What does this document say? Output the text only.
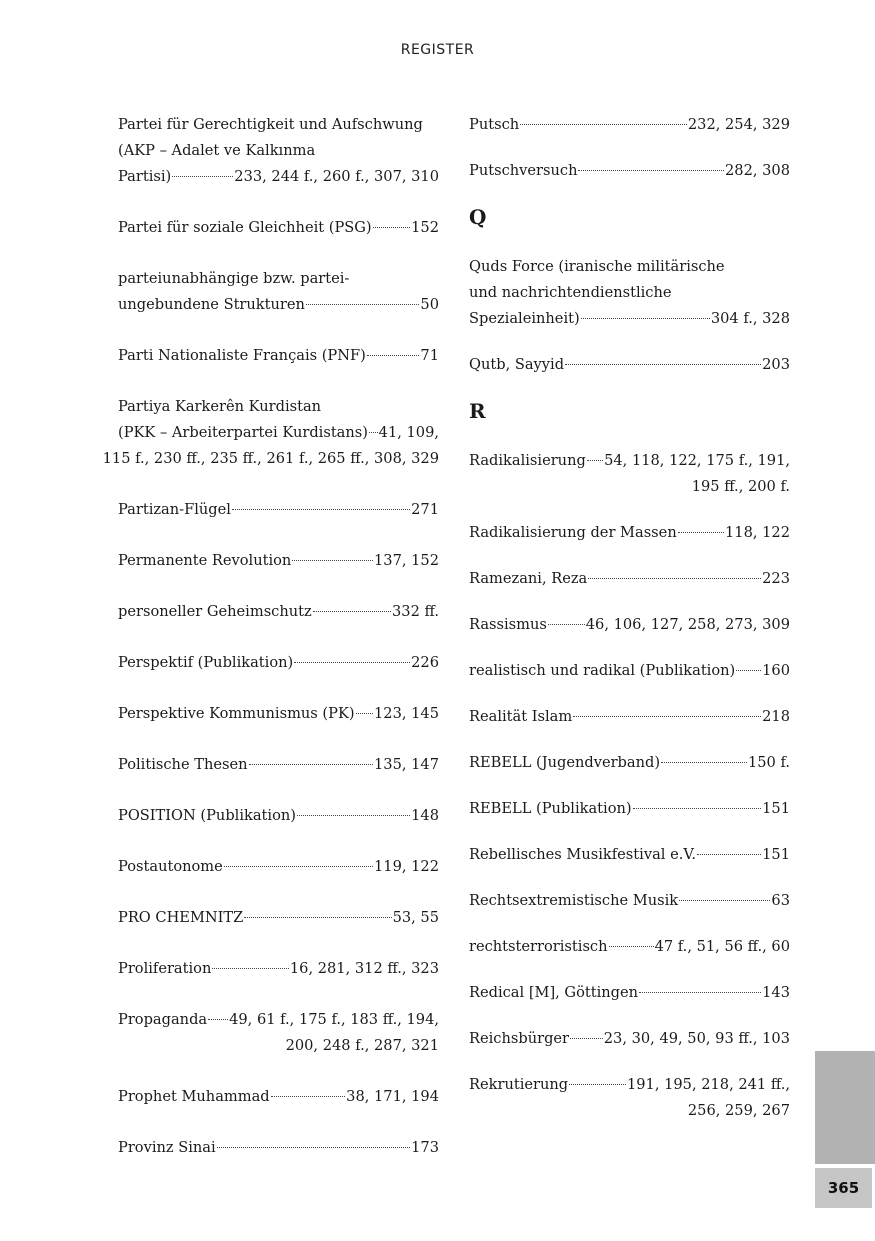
REGISTER
Partei für Gerechtigkeit und Aufschwung
(AKP – Adalet ve Kalkınma
Partisi)	233, 244 f., 260 f., 307, 310
Partei für soziale Gleichheit (PSG)	152
parteiunabhängige bzw. partei-
ungebundene Strukturen	50
Parti Nationaliste Français (PNF)	71
Partiya Karkerên Kurdistan
(PKK – Arbeiterpartei Kurdistans) 41, 109,
115 f., 230 ff., 235 ff., 261 f., 265 ff., 308, 329
Partizan-Flügel	271
Permanente Revolution	137, 152
personeller Geheimschutz	332 ff.
Perspektif (Publikation)	226
Perspektive Kommunismus (PK) 123, 145
Politische Thesen	135, 147
POSITION (Publikation)	148
Postautonome	119, 122
PRO CHEMNITZ	53, 55
Proliferation	16, 281, 312 ff., 323
Propaganda 49, 61 f., 175 f., 183 ff., 194,
200, 248 f., 287, 321
Prophet Muhammad	38, 171, 194
Provinz Sinai	173
Putsch	232, 254, 329
Putschversuch	282, 308
Q
Quds Force (iranische militärische
und nachrichtendienstliche
Spezialeinheit)	304 f., 328
Qutb, Sayyid	203
R
Radikalisierung 54, 118, 122, 175 f., 191,
195 ff., 200 f.
Radikalisierung der Massen	118, 122
Ramezani, Reza	223
Rassismus	46, 106, 127, 258, 273, 309
realistisch und radikal (Publikation) 160
Realität Islam	218
REBELL (Jugendverband)	150 f.
REBELL (Publikation)	151
Rebellisches Musikfestival e.V.	151
Rechtsextremistische Musik	63
rechtsterroristisch	47 f., 51, 56 ff., 60
Redical [M], Göttingen	143
Reichsbürger 23, 30, 49, 50, 93 ff., 103
Rekrutierung	191, 195, 218, 241 ff.,
256, 259, 267
365
